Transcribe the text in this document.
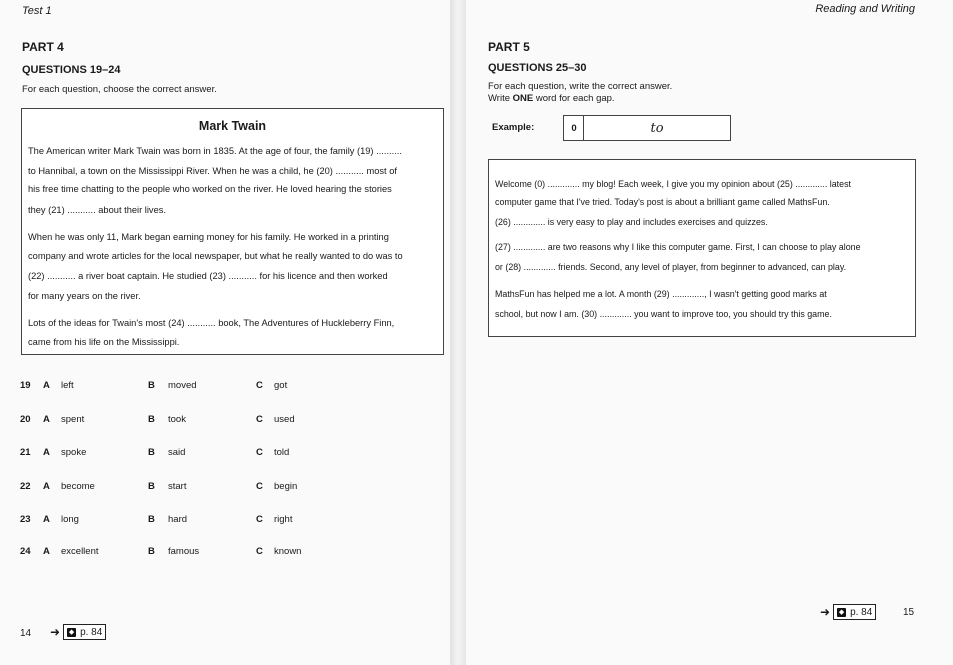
Test 1
PART 4
QUESTIONS 19–24
For each question, choose the correct answer.
Mark Twain
The American writer Mark Twain was born in 1835. At the age of four, the family (19) ..........
to Hannibal, a town on the Mississippi River. When he was a child, he (20) ........... most of
his free time chatting to the people who worked on the river. He loved hearing the stories
they (21) ........... about their lives.
When he was only 11, Mark began earning money for his family. He worked in a printing
company and wrote articles for the local newspaper, but what he really wanted to do was to
(22) ........... a river boat captain. He studied (23) ........... for his licence and then worked
for many years on the river.
Lots of the ideas for Twain's most (24) ........... book, The Adventures of Huckleberry Finn,
came from his life on the Mississippi.
19 A left	B moved	C got
20 A spent	B took	C used
21 A spoke	B said	C told
22 A become	B start	C begin
23 A long	B hard	C right
24 A excellent	B famous	C known
14 ➜ ◆ p. 84
Reading and Writing
PART 5
QUESTIONS 25–30
For each question, write the correct answer.
Write ONE word for each gap.
Example:	0	to
Welcome (0) ............. my blog! Each week, I give you my opinion about (25) ............. latest
computer game that I've tried. Today's post is about a brilliant game called MathsFun.
(26) ............. is very easy to play and includes exercises and quizzes.
(27) ............. are two reasons why I like this computer game. First, I can choose to play alone
or (28) ............. friends. Second, any level of player, from beginner to advanced, can play.
MathsFun has helped me a lot. A month (29) ............., I wasn't getting good marks at
school, but now I am. (30) ............. you want to improve too, you should try this game.
➜ ◆ p. 84	15
